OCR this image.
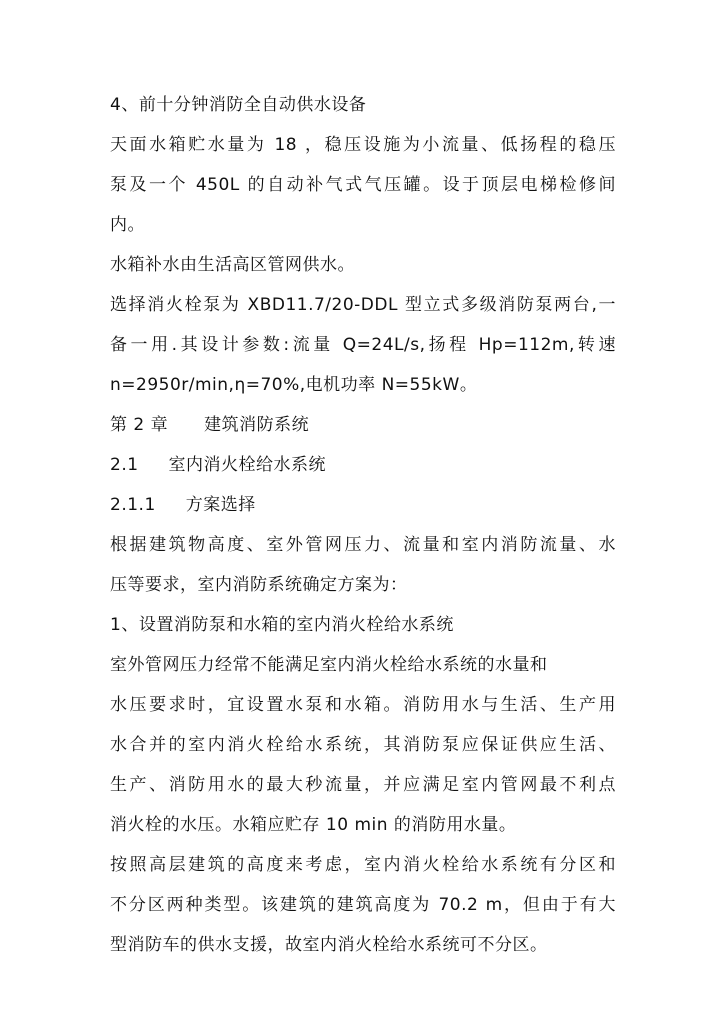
4、前十分钟消防全自动供水设备
天面水箱贮水量为 18 ，稳压设施为小流量、低扬程的稳压
泵及一个 450L 的自动补气式气压罐。设于顶层电梯检修间
内。
水箱补水由生活高区管网供水。
选择消火栓泵为 XBD11.7/20-DDL 型立式多级消防泵两台,一
备一用.其设计参数:流量 Q=24L/s,扬程 Hp=112m,转速
n=2950r/min,η=70%,电机功率 N=55kW。
第 2 章 建筑消防系统
2.1 室内消火栓给水系统
2.1.1 方案选择
根据建筑物高度、室外管网压力、流量和室内消防流量、水
压等要求，室内消防系统确定方案为：
1、设置消防泵和水箱的室内消火栓给水系统
室外管网压力经常不能满足室内消火栓给水系统的水量和
水压要求时，宜设置水泵和水箱。消防用水与生活、生产用
水合并的室内消火栓给水系统，其消防泵应保证供应生活、
生产、消防用水的最大秒流量，并应满足室内管网最不利点
消火栓的水压。水箱应贮存 10 min 的消防用水量。
按照高层建筑的高度来考虑，室内消火栓给水系统有分区和
不分区两种类型。该建筑的建筑高度为 70.2 m，但由于有大
型消防车的供水支援，故室内消火栓给水系统可不分区。
